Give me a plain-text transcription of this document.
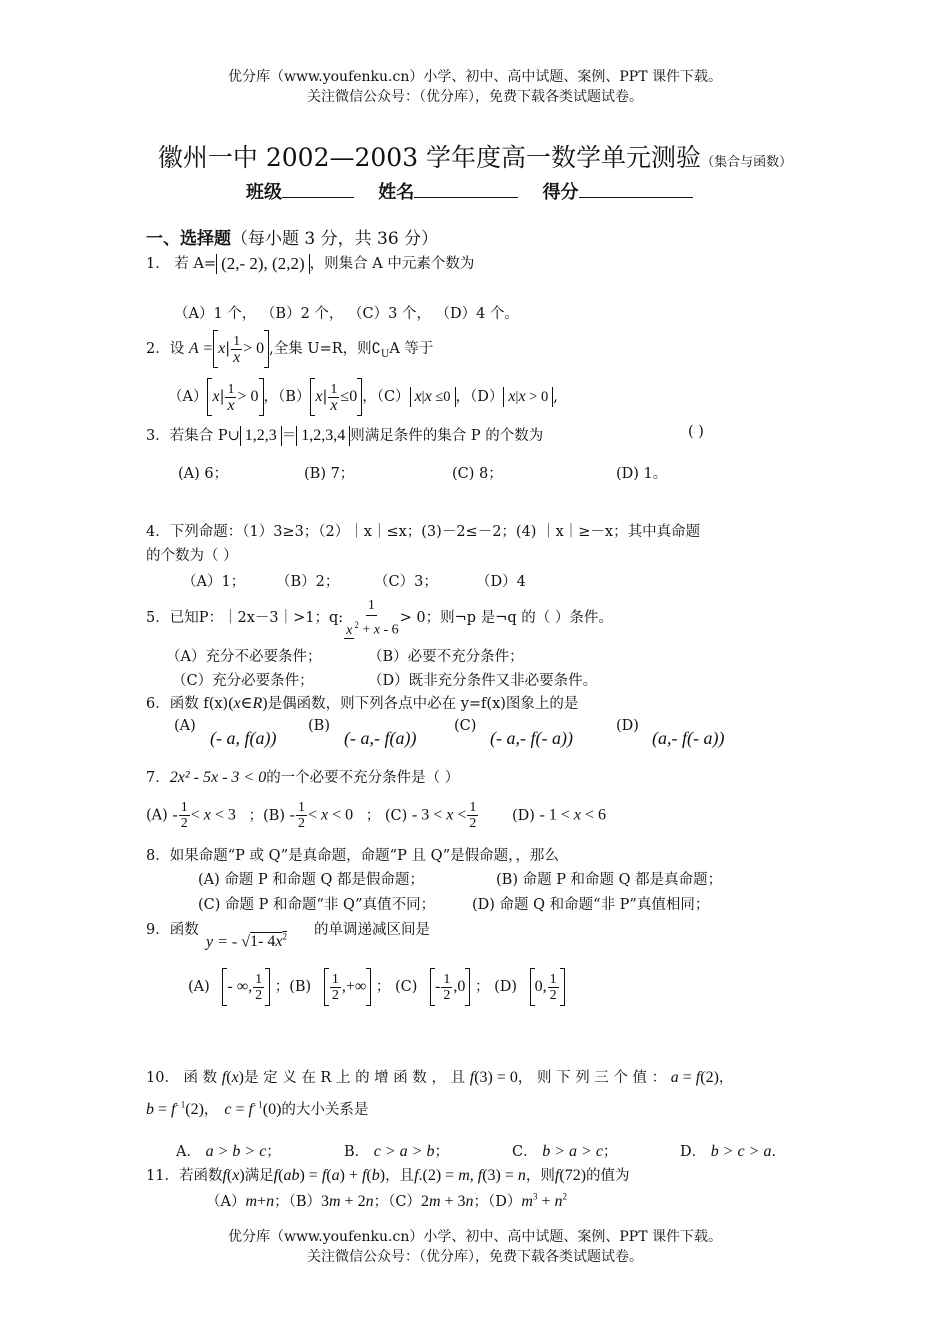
优分库（www.youfenku.cn）小学、初中、高中试题、案例、PPT 课件下载。
关注微信公众号：（优分库），免费下载各类试题试卷。
徽州一中 2002—2003 学年度高一数学单元测验（集合与函数）
班级	姓名	得分
一、选择题（每小题 3 分，共 36 分）
1． 若 A= (2,- 2), (2,2) ，则集合 A 中元素个数为
（A）1 个， （B）2 个， （C）3 个， （D）4 个。
2．设 $A = x| \frac{1}{x} > 0$ ,全集 U=R，则$∁_UA$ 等于
（A） $x| \frac{1}{x} > 0$ ，（B） $x| \frac{1}{x} \le 0$ ，（C） x|x ≤0 ，（D） x|x > 0 ,
3．若集合 P∪ 1,2,3 ＝ 1,2,3,4 则满足条件的集合 P 的个数为	( )
(A) 6；	(B) 7；	(C) 8；	(D) 1。
4．下列命题：（1）3≥3；（2）｜x｜≤x；(3)－2≤－2；(4) ｜x｜≥－x；其中真命题
的个数为（ ）
（A）1； （B）2； （C）3；	（D）4
5．已知P：｜2x－3｜>1；q: $\frac{1}{x ^2 + x - 6} > 0$；则¬p 是¬q 的（ ）条件。
（A）充分不必要条件；	（B）必要不充分条件；
（C）充分必要条件；	（D）既非充分条件又非必要条件。
6．函数 f(x)(x∈R)是偶函数，则下列各点中必在 y=f(x)图象上的是
(A)
(- a, f(a))
(B)
(- a,- f(a))
(C)
(- a,- f(- a))
(D)
(a,- f(- a))
7．2x² - 5x - 3 < 0的一个必要不充分条件是（ ）
$(A) - \frac{1}{2} < x < 3$ ；$(B) - \frac{1}{2} < x < 0$ ； $(C) - 3 < x < \frac{1}{2} (D) - 1 < x < 6$
8．如果命题“P 或 Q”是真命题，命题“P 且 Q”是假命题，，那么
(A) 命题 P 和命题 Q 都是假命题；	(B) 命题 P 和命题 Q 都是真命题；
(C) 命题 P 和命题“非 Q”真值不同；	(D) 命题 Q 和命题“非 P”真值相同；
9．函数
y = - √1- $4x^2$ 的单调递减区间是
(A) - ∞, $\frac{1}{2}$ ；$(B) \frac{1}{2}$ ,+∞ ； $(C) - \frac{1}{2} ,0$ ； (D) 0, $\frac{1}{2}$
10． 函 数 f(x)是 定 义 在 R 上 的 增 函 数 ， 且 f(3) = 0， 则 下 列 三 个 值 ： a = f(2)，
$b = f^{- 1}(2)$， $c = f^{- 1}(0)$的大小关系是
A． a > b > c；	B． c > a > b；	C． b > a > c；	D． b > c > a.
11．若函数f(x)满足f(ab) = f(a) + f(b)，且f.(2) = m, f(3) = n，则f(72)的值为
（A）m+n；（B）3m + 2n；（C）2m + 3n；$(D)m^3 + n^2$
优分库（www.youfenku.cn）小学、初中、高中试题、案例、PPT 课件下载。
关注微信公众号：（优分库），免费下载各类试题试卷。
